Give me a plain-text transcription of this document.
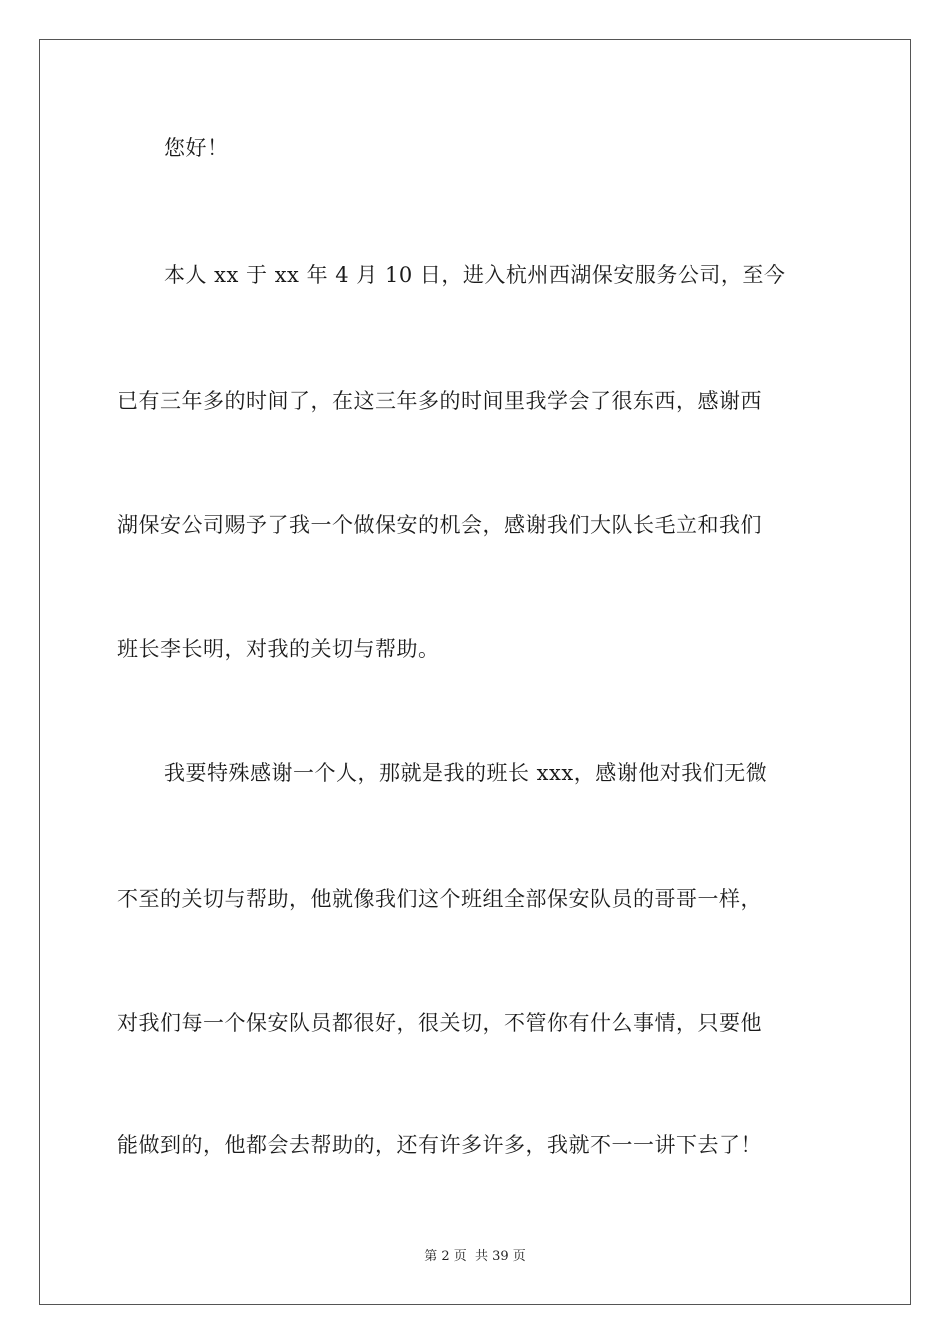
您好！
本人 xx 于 xx 年 4 月 10 日，进入杭州西湖保安服务公司，至今
已有三年多的时间了，在这三年多的时间里我学会了很东西，感谢西
湖保安公司赐予了我一个做保安的机会，感谢我们大队长毛立和我们
班长李长明，对我的关切与帮助。
我要特殊感谢一个人，那就是我的班长 xxx，感谢他对我们无微
不至的关切与帮助，他就像我们这个班组全部保安队员的哥哥一样，
对我们每一个保安队员都很好，很关切，不管你有什么事情，只要他
能做到的，他都会去帮助的，还有许多许多，我就不一一讲下去了！
第 2 页 共 39 页
